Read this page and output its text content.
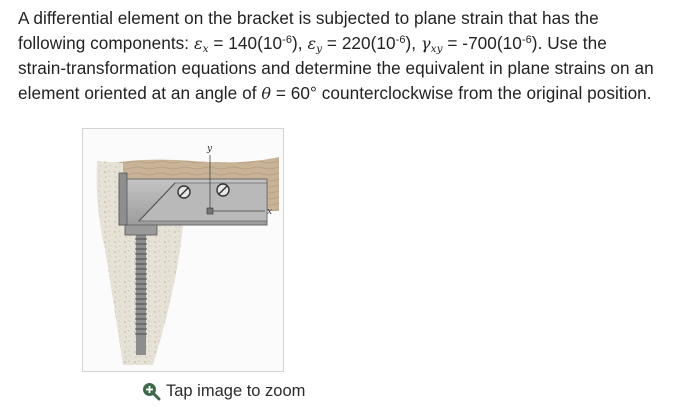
A differential element on the bracket is subjected to plane strain that has the
following components: $\varepsilon_x = 140(10^{-6})$, $\varepsilon_y = 220(10^{-6})$, $\gamma_{xy} = -700(10^{-6})$. Use the
strain-transformation equations and determine the equivalent in plane strains on an
element oriented at an angle of θ = 60° counterclockwise from the original position.
y
x
Tap image to zoom
